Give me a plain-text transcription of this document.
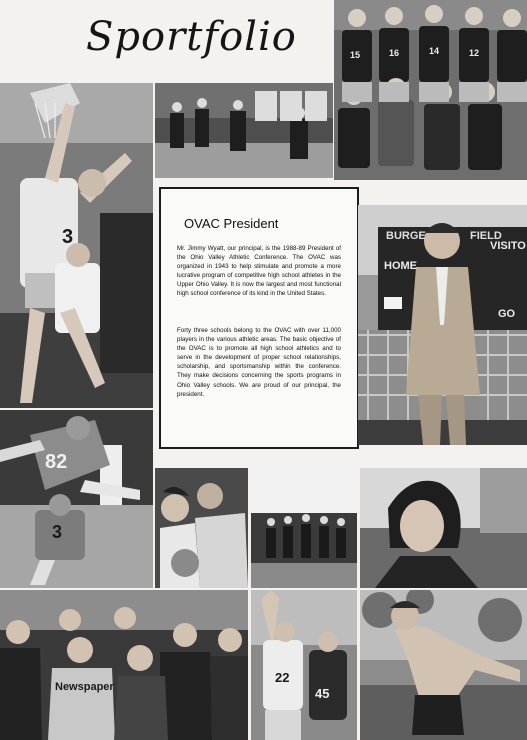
Sportfolio	15	16	14	12
3
OVAC President

Mr. Jimmy Wyatt, our principal, is the 1988-89 President of the Ohio Valley Athletic Conference. The OVAC was organized in 1943 to help stimulate and promote a more lucrative program of competitive high school athletes in the Upper Ohio Valley. It is now the largest and most functional high school conference of its kind in the United States.

Forty three schools belong to the OVAC with over 11,000 players in the various athletic areas. The basic objective of the OVAC is to promote all high school athletics and to serve in the development of proper school relationships, scholarship, and sportsmanship within the conference. They make decisions concerning the sports programs in Ohio Valley schools. We are proud of our principal, the president.

BURGE	FIELD
HOME
VISITO
GO
82
3
Newspaper
22
45
